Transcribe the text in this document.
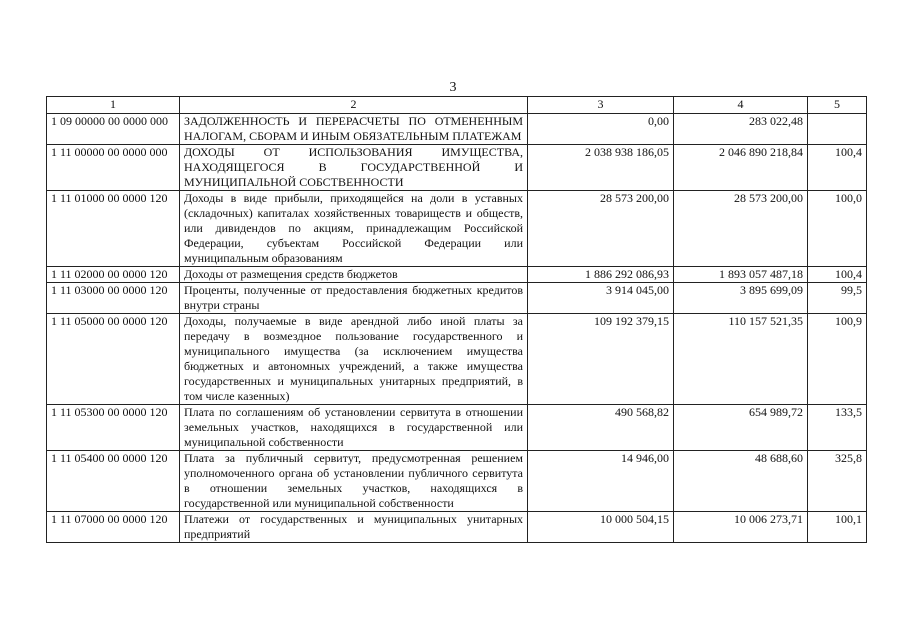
3
1	2	3	4	5
1 09 00000 00 0000 000	ЗАДОЛЖЕННОСТЬ И ПЕРЕРАСЧЕТЫ ПО ОТМЕНЕННЫМ НАЛОГАМ, СБОРАМ И ИНЫМ ОБЯЗАТЕЛЬНЫМ ПЛАТЕЖАМ	0,00	283 022,48	
1 11 00000 00 0000 000	ДОХОДЫ ОТ ИСПОЛЬЗОВАНИЯ ИМУЩЕСТВА, НАХОДЯЩЕГОСЯ В ГОСУДАРСТВЕННОЙ И МУНИЦИПАЛЬНОЙ СОБСТВЕННОСТИ	2 038 938 186,05	2 046 890 218,84	100,4
1 11 01000 00 0000 120	Доходы в виде прибыли, приходящейся на доли в уставных (складочных) капиталах хозяйственных товариществ и обществ, или дивидендов по акциям, принадлежащим Российской Федерации, субъектам Российской Федерации или муниципальным образованиям	28 573 200,00	28 573 200,00	100,0
1 11 02000 00 0000 120	Доходы от размещения средств бюджетов	1 886 292 086,93	1 893 057 487,18	100,4
1 11 03000 00 0000 120	Проценты, полученные от предоставления бюджетных кредитов внутри страны	3 914 045,00	3 895 699,09	99,5
1 11 05000 00 0000 120	Доходы, получаемые в виде арендной либо иной платы за передачу в возмездное пользование государственного и муниципального имущества (за исключением имущества бюджетных и автономных учреждений, а также имущества государственных и муниципальных унитарных предприятий, в том числе казенных)	109 192 379,15	110 157 521,35	100,9
1 11 05300 00 0000 120	Плата по соглашениям об установлении сервитута в отношении земельных участков, находящихся в государственной или муниципальной собственности	490 568,82	654 989,72	133,5
1 11 05400 00 0000 120	Плата за публичный сервитут, предусмотренная решением уполномоченного органа об установлении публичного сервитута в отношении земельных участков, находящихся в государственной или муниципальной собственности	14 946,00	48 688,60	325,8
1 11 07000 00 0000 120	Платежи от государственных и муниципальных унитарных предприятий	10 000 504,15	10 006 273,71	100,1
